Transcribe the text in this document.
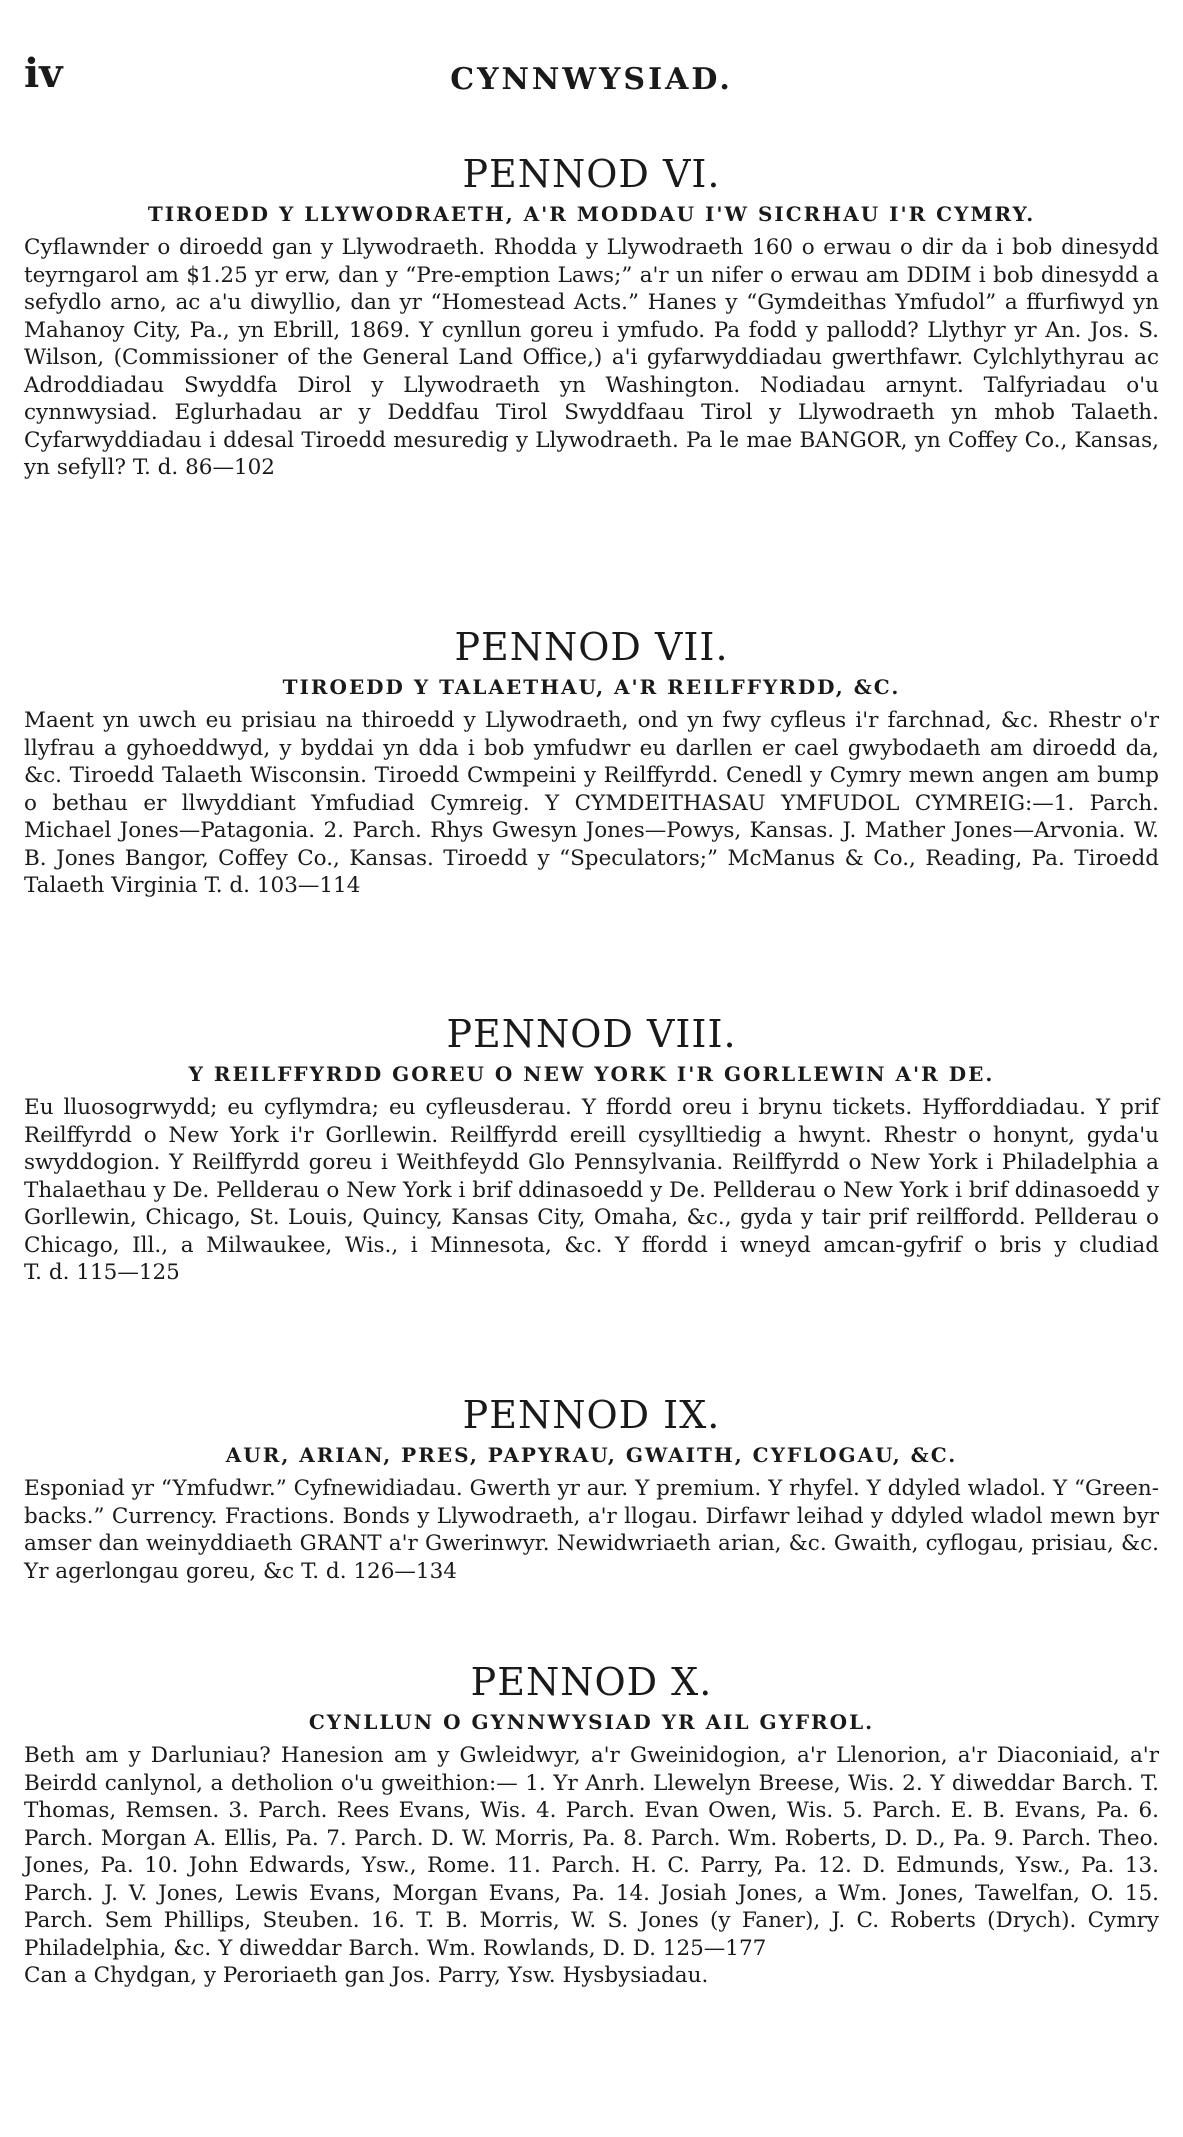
iv	CYNNWYSIAD.
PENNOD VI.
TIROEDD Y LLYWODRAETH, A'R MODDAU I'W SICRHAU I'R CYMRY.

Cyflawnder o diroedd gan y Llywodraeth. Rhodda y Llywodraeth 160 o erwau o dir da i bob dinesydd teyrngarol am $1.25 yr erw, dan y “Pre-emption Laws;” a'r un nifer o erwau am DDIM i bob dinesydd a sefydlo arno, ac a'u diwyllio, dan yr “Homestead Acts.” Hanes y “Gymdeithas Ymfudol” a ffurfiwyd yn Mahanoy City, Pa., yn Ebrill, 1869. Y cynllun goreu i ymfudo. Pa fodd y pallodd? Llythyr yr An. Jos. S. Wilson, (Commissioner of the General Land Office,) a'i gyfarwyddiadau gwerthfawr. Cylchlythyrau ac Adroddiadau Swyddfa Dirol y Llywodraeth yn Washington. Nodiadau arnynt. Talfyriadau o'u cynnwysiad. Eglurhadau ar y Deddfau Tirol Swyddfaau Tirol y Llywodraeth yn mhob Talaeth. Cyfarwyddiadau i ddesal Tiroedd mesuredig y Llywodraeth. Pa le mae BANGOR, yn Coffey Co., Kansas, yn sefyll? T. d. 86—102

PENNOD VII.
TIROEDD Y TALAETHAU, A'R REILFFYRDD, &C.

Maent yn uwch eu prisiau na thiroedd y Llywodraeth, ond yn fwy cyfleus i'r farchnad, &c. Rhestr o'r llyfrau a gyhoeddwyd, y byddai yn dda i bob ymfudwr eu darllen er cael gwybodaeth am diroedd da, &c. Tiroedd Talaeth Wisconsin. Tiroedd Cwmpeini y Reilffyrdd. Cenedl y Cymry mewn angen am bump o bethau er llwyddiant Ymfudiad Cymreig. Y CYMDEITHASAU YMFUDOL CYMREIG:—1. Parch. Michael Jones—Patagonia. 2. Parch. Rhys Gwesyn Jones—Powys, Kansas. J. Mather Jones—Arvonia. W. B. Jones Bangor, Coffey Co., Kansas. Tiroedd y “Speculators;” McManus & Co., Reading, Pa. Tiroedd Talaeth Virginia T. d. 103—114

PENNOD VIII.
Y REILFFYRDD GOREU O NEW YORK I'R GORLLEWIN A'R DE.

Eu lluosogrwydd; eu cyflymdra; eu cyfleusderau. Y ffordd oreu i brynu tickets. Hyfforddiadau. Y prif Reilffyrdd o New York i'r Gorllewin. Reilffyrdd ereill cysylltiedig a hwynt. Rhestr o honynt, gyda'u swyddogion. Y Reilffyrdd goreu i Weithfeydd Glo Pennsylvania. Reilffyrdd o New York i Philadelphia a Thalaethau y De. Pellderau o New York i brif ddinasoedd y De. Pellderau o New York i brif ddinasoedd y Gorllewin, Chicago, St. Louis, Quincy, Kansas City, Omaha, &c., gyda y tair prif reilffordd. Pellderau o Chicago, Ill., a Milwaukee, Wis., i Minnesota, &c. Y ffordd i wneyd amcan-gyfrif o bris y cludiad T. d. 115—125

PENNOD IX.
AUR, ARIAN, PRES, PAPYRAU, GWAITH, CYFLOGAU, &C.

Esponiad yr “Ymfudwr.” Cyfnewidiadau. Gwerth yr aur. Y premium. Y rhyfel. Y ddyled wladol. Y “Green-backs.” Currency. Fractions. Bonds y Llywodraeth, a'r llogau. Dirfawr leihad y ddyled wladol mewn byr amser dan weinyddiaeth GRANT a'r Gwerinwyr. Newidwriaeth arian, &c. Gwaith, cyflogau, prisiau, &c. Yr agerlongau goreu, &c T. d. 126—134

PENNOD X.
CYNLLUN O GYNNWYSIAD YR AIL GYFROL.

Beth am y Darluniau? Hanesion am y Gwleidwyr, a'r Gweinidogion, a'r Llenorion, a'r Diaconiaid, a'r Beirdd canlynol, a detholion o'u gweithion:— 1. Yr Anrh. Llewelyn Breese, Wis. 2. Y diweddar Barch. T. Thomas, Remsen. 3. Parch. Rees Evans, Wis. 4. Parch. Evan Owen, Wis. 5. Parch. E. B. Evans, Pa. 6. Parch. Morgan A. Ellis, Pa. 7. Parch. D. W. Morris, Pa. 8. Parch. Wm. Roberts, D. D., Pa. 9. Parch. Theo. Jones, Pa. 10. John Edwards, Ysw., Rome. 11. Parch. H. C. Parry, Pa. 12. D. Edmunds, Ysw., Pa. 13. Parch. J. V. Jones, Lewis Evans, Morgan Evans, Pa. 14. Josiah Jones, a Wm. Jones, Tawelfan, O. 15. Parch. Sem Phillips, Steuben. 16. T. B. Morris, W. S. Jones (y Faner), J. C. Roberts (Drych). Cymry Philadelphia, &c. Y diweddar Barch. Wm. Rowlands, D. D. 125—177

Can a Chydgan, y Peroriaeth gan Jos. Parry, Ysw. Hysbysiadau.
